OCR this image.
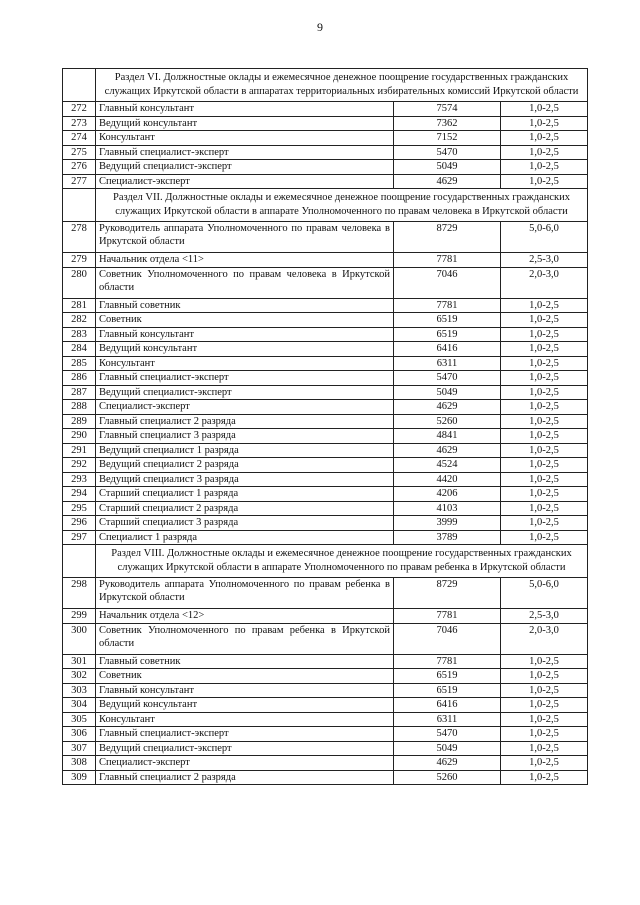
9
	Раздел VI. Должностные оклады и ежемесячное денежное поощрение государственных гражданских служащих Иркутской области в аппаратах территориальных избирательных комиссий Иркутской области		
272	Главный консультант	7574	1,0-2,5
273	Ведущий консультант	7362	1,0-2,5
274	Консультант	7152	1,0-2,5
275	Главный специалист-эксперт	5470	1,0-2,5
276	Ведущий специалист-эксперт	5049	1,0-2,5
277	Специалист-эксперт	4629	1,0-2,5
	Раздел VII. Должностные оклады и ежемесячное денежное поощрение государственных гражданских служащих Иркутской области в аппарате Уполномоченного по правам человека в Иркутской области		
278	Руководитель аппарата Уполномоченного по правам человека в Иркутской области	8729	5,0-6,0
279	Начальник отдела <11>	7781	2,5-3,0
280	Советник Уполномоченного по правам человека в Иркутской области	7046	2,0-3,0
281	Главный советник	7781	1,0-2,5
282	Советник	6519	1,0-2,5
283	Главный консультант	6519	1,0-2,5
284	Ведущий консультант	6416	1,0-2,5
285	Консультант	6311	1,0-2,5
286	Главный специалист-эксперт	5470	1,0-2,5
287	Ведущий специалист-эксперт	5049	1,0-2,5
288	Специалист-эксперт	4629	1,0-2,5
289	Главный специалист 2 разряда	5260	1,0-2,5
290	Главный специалист 3 разряда	4841	1,0-2,5
291	Ведущий специалист 1 разряда	4629	1,0-2,5
292	Ведущий специалист 2 разряда	4524	1,0-2,5
293	Ведущий специалист 3 разряда	4420	1,0-2,5
294	Старший специалист 1 разряда	4206	1,0-2,5
295	Старший специалист 2 разряда	4103	1,0-2,5
296	Старший специалист 3 разряда	3999	1,0-2,5
297	Специалист 1 разряда	3789	1,0-2,5
	Раздел VIII. Должностные оклады и ежемесячное денежное поощрение государственных гражданских служащих Иркутской области в аппарате Уполномоченного по правам ребенка в Иркутской области		
298	Руководитель аппарата Уполномоченного по правам ребенка в Иркутской области	8729	5,0-6,0
299	Начальник отдела <12>	7781	2,5-3,0
300	Советник Уполномоченного по правам ребенка в Иркутской области	7046	2,0-3,0
301	Главный советник	7781	1,0-2,5
302	Советник	6519	1,0-2,5
303	Главный консультант	6519	1,0-2,5
304	Ведущий консультант	6416	1,0-2,5
305	Консультант	6311	1,0-2,5
306	Главный специалист-эксперт	5470	1,0-2,5
307	Ведущий специалист-эксперт	5049	1,0-2,5
308	Специалист-эксперт	4629	1,0-2,5
309	Главный специалист 2 разряда	5260	1,0-2,5
